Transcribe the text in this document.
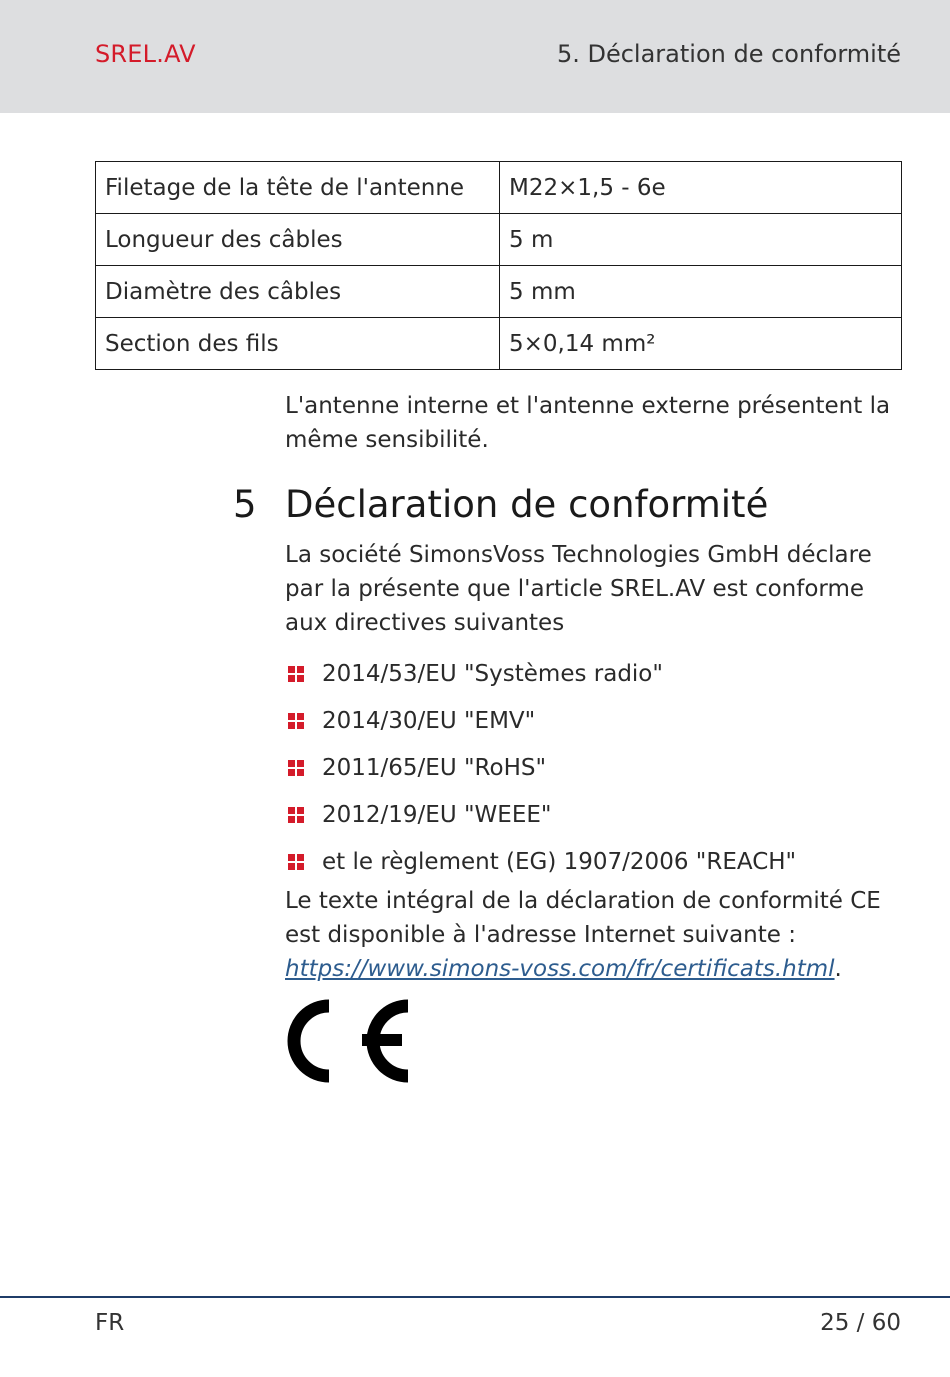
SREL.AV	5. Déclaration de conformité
Filetage de la tête de l'antenne	M22×1,5 - 6e
Longueur des câbles	5 m
Diamètre des câbles	5 mm
Section des fils	5×0,14 mm²

L'antenne interne et l'antenne externe présentent la même sensibilité.

5 Déclaration de conformité

La société SimonsVoss Technologies GmbH déclare par la présente que l'article SREL.AV est conforme aux directives suivantes

2014/53/EU "Systèmes radio"
2014/30/EU "EMV"
2011/65/EU "RoHS"
2012/19/EU "WEEE"
et le règlement (EG) 1907/2006 "REACH"

Le texte intégral de la déclaration de conformité CE est disponible à l'adresse Internet suivante : https://www.simons-voss.com/fr/certificats.html.

FR	25 / 60
